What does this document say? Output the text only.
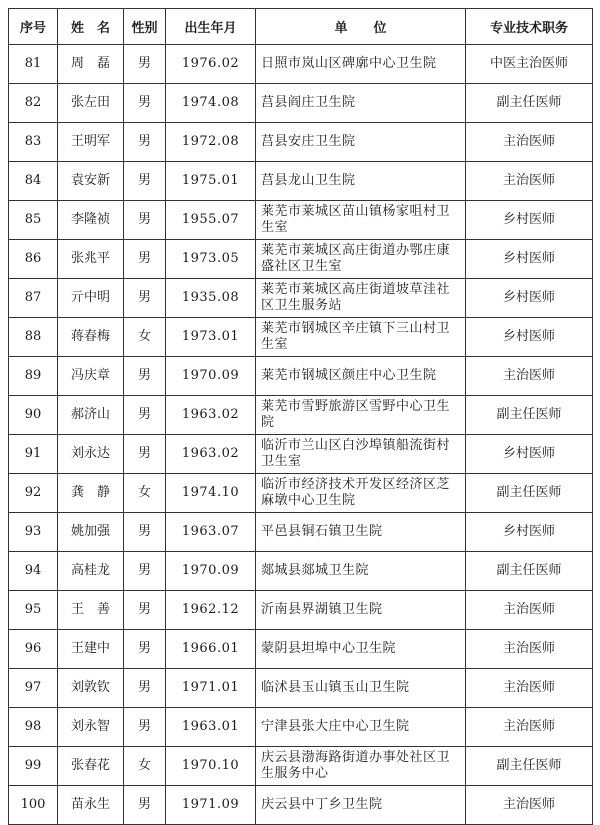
序号	姓　名	性别	出生年月	单　　位	专业技术职务
81	周　磊	男	1976.02	日照市岚山区碑廓中心卫生院	中医主治医师
82	张左田	男	1974.08	莒县阎庄卫生院	副主任医师
83	王明军	男	1972.08	莒县安庄卫生院	主治医师
84	袁安新	男	1975.01	莒县龙山卫生院	主治医师
85	李隆祯	男	1955.07	莱芜市莱城区苗山镇杨家咀村卫生室	乡村医师
86	张兆平	男	1973.05	莱芜市莱城区高庄街道办鄂庄康盛社区卫生室	乡村医师
87	亓中明	男	1935.08	莱芜市莱城区高庄街道坡草洼社区卫生服务站	乡村医师
88	蒋春梅	女	1973.01	莱芜市钢城区辛庄镇下三山村卫生室	乡村医师
89	冯庆章	男	1970.09	莱芜市钢城区颜庄中心卫生院	主治医师
90	郝济山	男	1963.02	莱芜市雪野旅游区雪野中心卫生院	副主任医师
91	刘永达	男	1963.02	临沂市兰山区白沙埠镇船流街村卫生室	乡村医师
92	龚　静	女	1974.10	临沂市经济技术开发区经济区芝麻墩中心卫生院	副主任医师
93	姚加强	男	1963.07	平邑县铜石镇卫生院	乡村医师
94	高桂龙	男	1970.09	郯城县郯城卫生院	副主任医师
95	王　善	男	1962.12	沂南县界湖镇卫生院	主治医师
96	王建中	男	1966.01	蒙阴县坦埠中心卫生院	主治医师
97	刘敦钦	男	1971.01	临沭县玉山镇玉山卫生院	主治医师
98	刘永智	男	1963.01	宁津县张大庄中心卫生院	主治医师
99	张春花	女	1970.10	庆云县渤海路街道办事处社区卫生服务中心	副主任医师
100	苗永生	男	1971.09	庆云县中丁乡卫生院	主治医师
